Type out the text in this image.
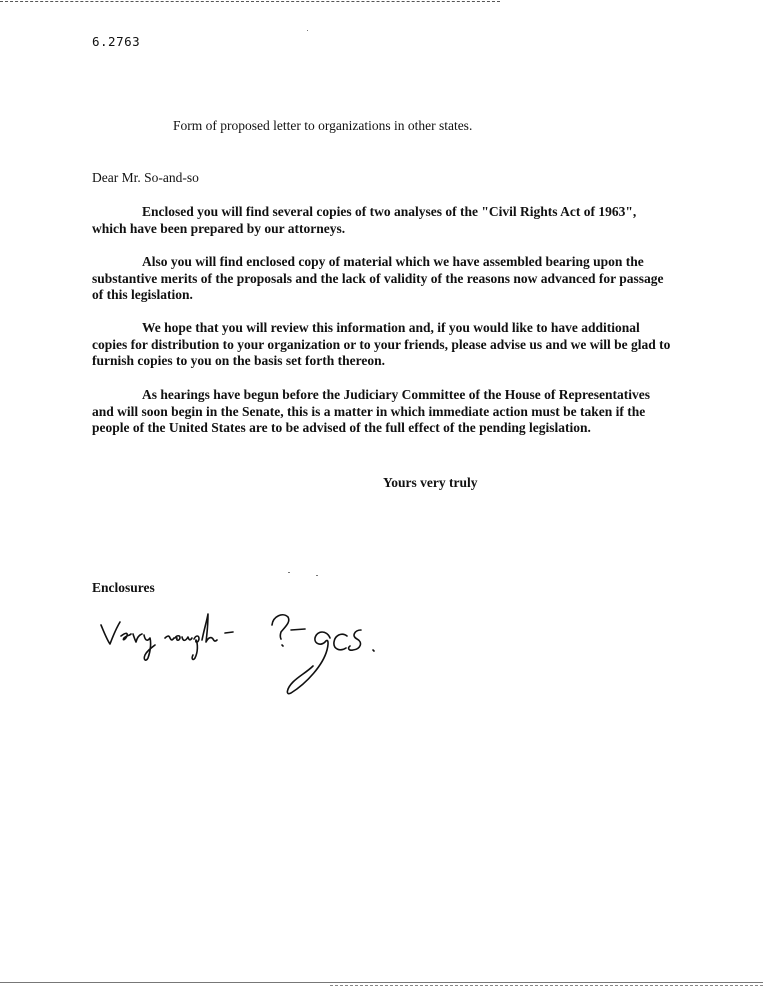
6.2763
Form of proposed letter to organizations in other states.
Dear Mr. So-and-so
Enclosed you will find several copies of two analyses of the "Civil Rights Act of 1963", which have been prepared by our attorneys.
Also you will find enclosed copy of material which we have assembled bearing upon the substantive merits of the proposals and the lack of validity of the reasons now advanced for passage of this legislation.
We hope that you will review this information and, if you would like to have additional copies for distribution to your organization or to your friends, please advise us and we will be glad to furnish copies to you on the basis set forth thereon.
As hearings have begun before the Judiciary Committee of the House of Representatives and will soon begin in the Senate, this is a matter in which immediate action must be taken if the people of the United States are to be advised of the full effect of the pending legislation.
Yours very truly
Enclosures
